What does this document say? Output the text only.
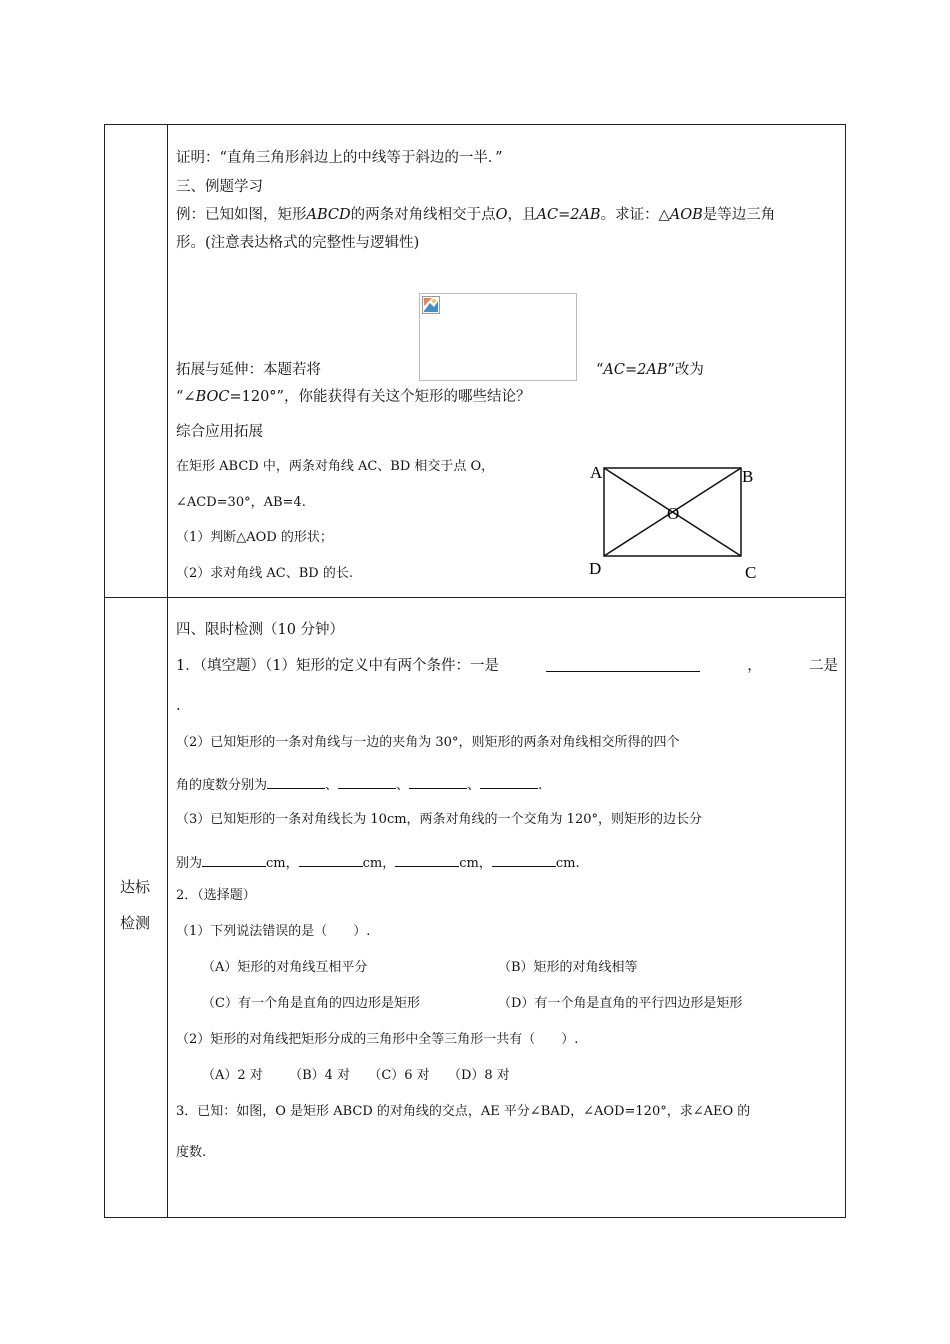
证明：“直角三角形斜边上的中线等于斜边的一半．”
三、例题学习
例：已知如图，矩形ABCD的两条对角线相交于点O，且AC=2AB。求证：△AOB是等边三角
形。(注意表达格式的完整性与逻辑性)
拓展与延伸：本题若将	“AC=2AB”改为
“∠BOC=120°”，你能获得有关这个矩形的哪些结论？
综合应用拓展
在矩形 ABCD 中，两条对角线 AC、BD 相交于点 O，
∠ACD=30°，AB=4.
（1）判断△AOD 的形状；
（2）求对角线 AC、BD 的长.
A	B
C
D
O
达标
检测
四、限时检测（10 分钟）
1．（填空题）（1）矩形的定义中有两个条件：一是	，	二是
.
（2）已知矩形的一条对角线与一边的夹角为 30°，则矩形的两条对角线相交所得的四个
角的度数分别为	、	、	、	.
（3）已知矩形的一条对角线长为 10cm，两条对角线的一个交角为 120°，则矩形的边长分
别为	cm，	cm，	cm，	cm.
2．（选择题）
（1）下列说法错误的是（　　）.
（A）矩形的对角线互相平分	（B）矩形的对角线相等
（C）有一个角是直角的四边形是矩形	（D）有一个角是直角的平行四边形是矩形
（2）矩形的对角线把矩形分成的三角形中全等三角形一共有（　　）.
（A）2 对 （B）4 对 （C）6 对 （D）8 对
3．已知：如图，O 是矩形 ABCD 的对角线的交点，AE 平分∠BAD，∠AOD=120°，求∠AEO 的
度数.
